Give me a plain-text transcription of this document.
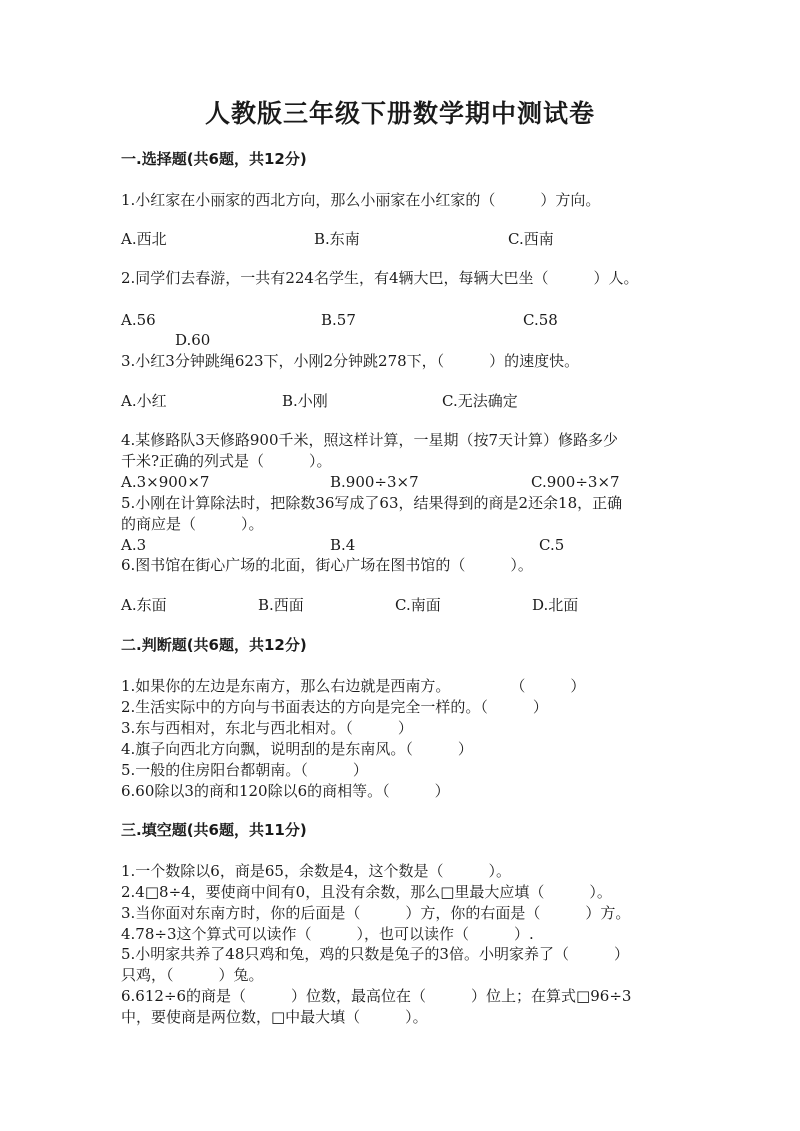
人教版三年级下册数学期中测试卷
一.选择题(共6题，共12分)
1.小红家在小丽家的西北方向，那么小丽家在小红家的（　　　）方向。
A.西北	B.东南	C.西南
2.同学们去春游，一共有224名学生，有4辆大巴，每辆大巴坐（　　　）人。
A.56	B.57	C.58
D.60
3.小红3分钟跳绳623下，小刚2分钟跳278下，（　　　）的速度快。
A.小红	B.小刚	C.无法确定
4.某修路队3天修路900千米，照这样计算，一星期（按7天计算）修路多少
千米?正确的列式是（　　　）。
A.3×900×7	B.900÷3×7	C.900÷3×7
5.小刚在计算除法时，把除数36写成了63，结果得到的商是2还余18，正确
的商应是（　　　）。
A.3	B.4	C.5
6.图书馆在街心广场的北面，街心广场在图书馆的（　　　）。
A.东面	B.西面	C.南面	D.北面
二.判断题(共6题，共12分)
1.如果你的左边是东南方，那么右边就是西南方。　　　　　（　　　）
2.生活实际中的方向与书面表达的方向是完全一样的。（　　　）
3.东与西相对，东北与西北相对。（　　　）
4.旗子向西北方向飘，说明刮的是东南风。（　　　）
5.一般的住房阳台都朝南。（　　　）
6.60除以3的商和120除以6的商相等。（　　　）
三.填空题(共6题，共11分)
1.一个数除以6，商是65，余数是4，这个数是（　　　）。
2.4□8÷4，要使商中间有0，且没有余数，那么□里最大应填（　　　）。
3.当你面对东南方时，你的后面是（　　　）方，你的右面是（　　　）方。
4.78÷3这个算式可以读作（　　　），也可以读作（　　　）.
5.小明家共养了48只鸡和兔，鸡的只数是兔子的3倍。小明家养了（　　　）
只鸡，（　　　）兔。
6.612÷6的商是（　　　）位数，最高位在（　　　）位上；在算式□96÷3
中，要使商是两位数，□中最大填（　　　）。
